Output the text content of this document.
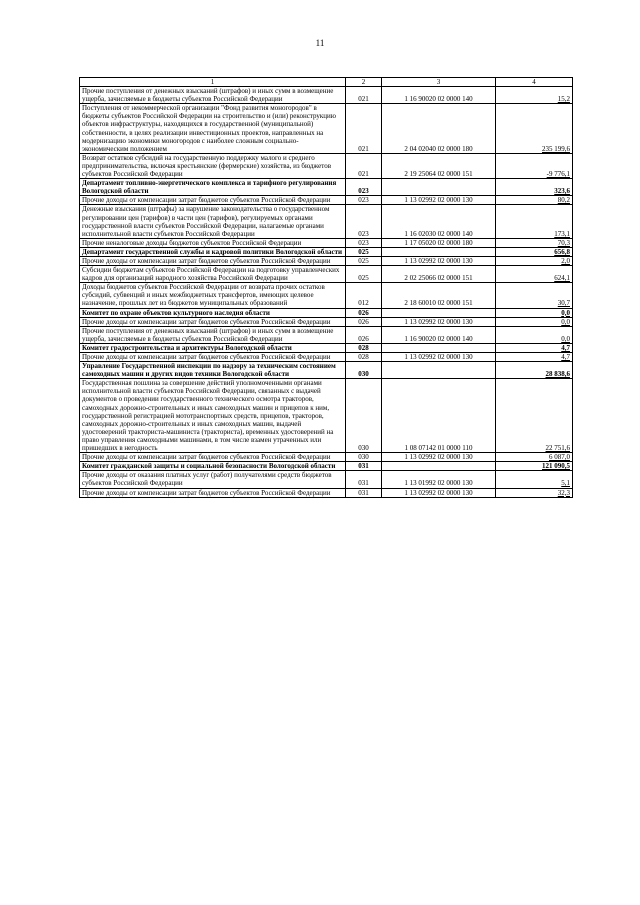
11
1	2	3	4
Прочие поступления от денежных взысканий (штрафов) и иных сумм в возмещение ущерба, зачисляемые в бюджеты субъектов Российской Федерации	021	1 16 90020 02 0000 140	15,2
Поступления от некоммерческой организации "Фонд развития моногородов" в бюджеты субъектов Российской Федерации на строительство и (или) реконструкцию объектов инфраструктуры, находящихся в государственной (муниципальной) собственности, в целях реализации инвестиционных проектов, направленных на модернизацию экономики моногородов с наиболее сложным социально-экономическим положением	021	2 04 02040 02 0000 180	235 199,6
Возврат остатков субсидий на государственную поддержку малого и среднего предпринимательства, включая крестьянские (фермерские) хозяйства, из бюджетов субъектов Российской Федерации	021	2 19 25064 02 0000 151	-9 776,1
Департамент топливно-энергетического комплекса и тарифного регулирования Вологодской области	023		323,6
Прочие доходы от компенсации затрат бюджетов субъектов Российской Федерации	023	1 13 02992 02 0000 130	80,2
Денежные взыскания (штрафы) за нарушение законодательства о государственном регулировании цен (тарифов) в части цен (тарифов), регулируемых органами государственной власти субъектов Российской Федерации, налагаемые органами исполнительной власти субъектов Российской Федерации	023	1 16 02030 02 0000 140	173,1
Прочие неналоговые доходы бюджетов субъектов Российской Федерации	023	1 17 05020 02 0000 180	70,3
Департамент государственной службы и кадровой политики Вологодской области	025		656,8
Прочие доходы от компенсации затрат бюджетов субъектов Российской Федерации	025	1 13 02992 02 0000 130	2,0
Субсидии бюджетам субъектов Российской Федерации на подготовку управленческих кадров для организаций народного хозяйства Российской Федерации	025	2 02 25066 02 0000 151	624,1
Доходы бюджетов субъектов Российской Федерации от возврата прочих остатков субсидий, субвенций и иных межбюджетных трансфертов, имеющих целевое назначение, прошлых лет из бюджетов муниципальных образований	012	2 18 60010 02 0000 151	30,7
Комитет по охране объектов культурного наследия области	026		0,0
Прочие доходы от компенсации затрат бюджетов субъектов Российской Федерации	026	1 13 02992 02 0000 130	0,0
Прочие поступления от денежных взысканий (штрафов) и иных сумм в возмещение ущерба, зачисляемые в бюджеты субъектов Российской Федерации	026	1 16 90020 02 0000 140	0,0
Комитет градостроительства и архитектуры Вологодской области	028		4,7
Прочие доходы от компенсации затрат бюджетов субъектов Российской Федерации	028	1 13 02992 02 0000 130	4,7
Управление Государственной инспекции по надзору за техническим состоянием самоходных машин и других видов техники Вологодской области	030		28 838,6
Государственная пошлина за совершение действий уполномоченными органами исполнительной власти субъектов Российской Федерации, связанных с выдачей документов о проведении государственного технического осмотра тракторов, самоходных дорожно-строительных и иных самоходных машин и прицепов к ним, государственной регистрацией мототранспортных средств, прицепов, тракторов, самоходных дорожно-строительных и иных самоходных машин, выдачей удостоверений тракториста-машиниста (тракториста), временных удостоверений на право управления самоходными машинами, в том числе взамен утраченных или пришедших в негодность	030	1 08 07142 01 0000 110	22 751,6
Прочие доходы от компенсации затрат бюджетов субъектов Российской Федерации	030	1 13 02992 02 0000 130	6 087,0
Комитет гражданской защиты и социальной безопасности Вологодской области	031		121 090,5
Прочие доходы от оказания платных услуг (работ) получателями средств бюджетов субъектов Российской Федерации	031	1 13 01992 02 0000 130	5,1
Прочие доходы от компенсации затрат бюджетов субъектов Российской Федерации	031	1 13 02992 02 0000 130	32,3
